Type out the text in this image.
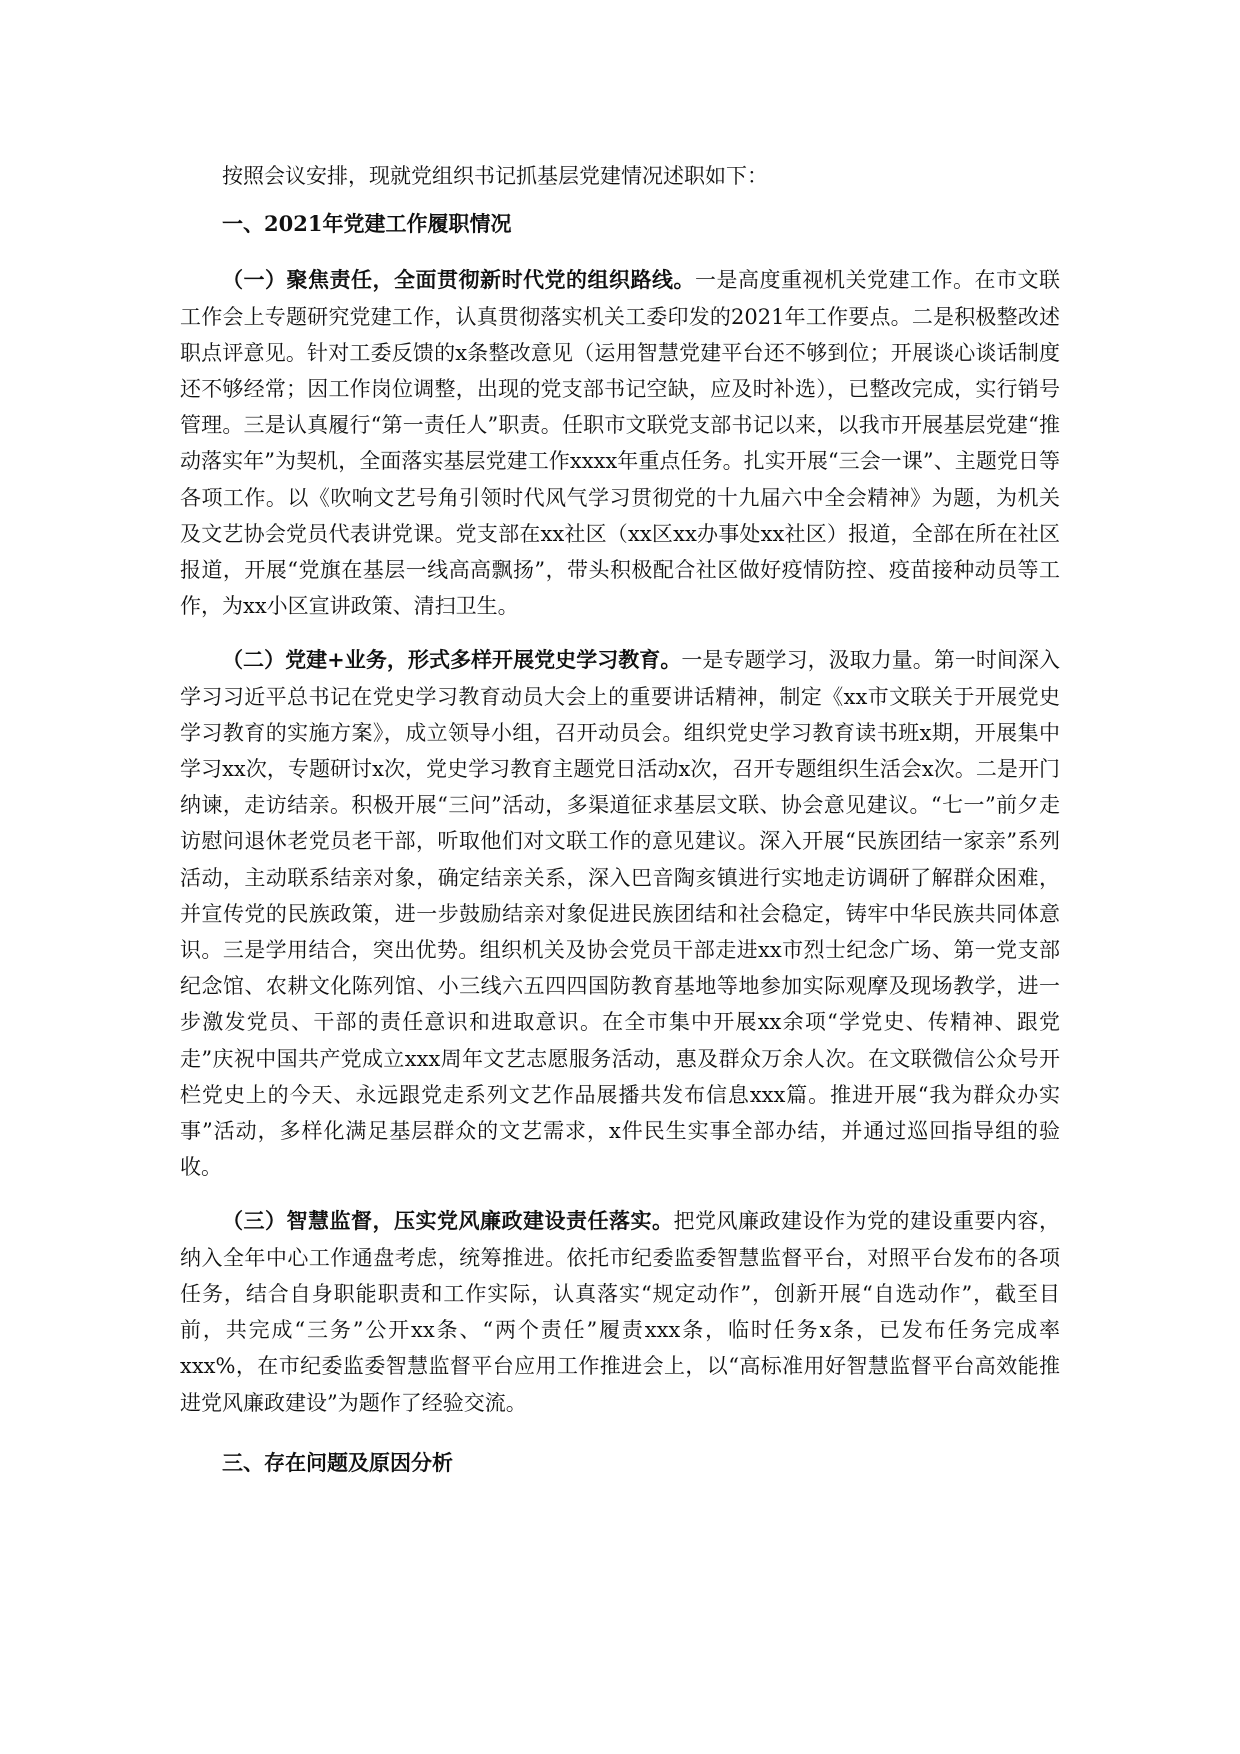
按照会议安排，现就党组织书记抓基层党建情况述职如下：

一、2021年党建工作履职情况

（一）聚焦责任，全面贯彻新时代党的组织路线。一是高度重视机关党建工作。在市文联工作会上专题研究党建工作，认真贯彻落实机关工委印发的2021年工作要点。二是积极整改述职点评意见。针对工委反馈的x条整改意见（运用智慧党建平台还不够到位；开展谈心谈话制度还不够经常；因工作岗位调整，出现的党支部书记空缺，应及时补选），已整改完成，实行销号管理。三是认真履行“第一责任人”职责。任职市文联党支部书记以来，以我市开展基层党建“推动落实年”为契机，全面落实基层党建工作xxxx年重点任务。扎实开展“三会一课”、主题党日等各项工作。以《吹响文艺号角引领时代风气学习贯彻党的十九届六中全会精神》为题，为机关及文艺协会党员代表讲党课。党支部在xx社区（xx区xx办事处xx社区）报道，全部在所在社区报道，开展“党旗在基层一线高高飘扬”，带头积极配合社区做好疫情防控、疫苗接种动员等工作，为xx小区宣讲政策、清扫卫生。

（二）党建+业务，形式多样开展党史学习教育。一是专题学习，汲取力量。第一时间深入学习习近平总书记在党史学习教育动员大会上的重要讲话精神，制定《xx市文联关于开展党史学习教育的实施方案》，成立领导小组，召开动员会。组织党史学习教育读书班x期，开展集中学习xx次，专题研讨x次，党史学习教育主题党日活动x次，召开专题组织生活会x次。二是开门纳谏，走访结亲。积极开展“三问”活动，多渠道征求基层文联、协会意见建议。“七一”前夕走访慰问退休老党员老干部，听取他们对文联工作的意见建议。深入开展“民族团结一家亲”系列活动，主动联系结亲对象，确定结亲关系，深入巴音陶亥镇进行实地走访调研了解群众困难，并宣传党的民族政策，进一步鼓励结亲对象促进民族团结和社会稳定，铸牢中华民族共同体意识。三是学用结合，突出优势。组织机关及协会党员干部走进xx市烈士纪念广场、第一党支部纪念馆、农耕文化陈列馆、小三线六五四四国防教育基地等地参加实际观摩及现场教学，进一步激发党员、干部的责任意识和进取意识。在全市集中开展xx余项“学党史、传精神、跟党走”庆祝中国共产党成立xxx周年文艺志愿服务活动，惠及群众万余人次。在文联微信公众号开栏党史上的今天、永远跟党走系列文艺作品展播共发布信息xxx篇。推进开展“我为群众办实事”活动，多样化满足基层群众的文艺需求，x件民生实事全部办结，并通过巡回指导组的验收。

（三）智慧监督，压实党风廉政建设责任落实。把党风廉政建设作为党的建设重要内容，纳入全年中心工作通盘考虑，统筹推进。依托市纪委监委智慧监督平台，对照平台发布的各项任务，结合自身职能职责和工作实际，认真落实“规定动作”，创新开展“自选动作”，截至目前，共完成“三务”公开xx条、“两个责任”履责xxx条，临时任务x条，已发布任务完成率xxx%，在市纪委监委智慧监督平台应用工作推进会上，以“高标准用好智慧监督平台高效能推进党风廉政建设”为题作了经验交流。

三、存在问题及原因分析
